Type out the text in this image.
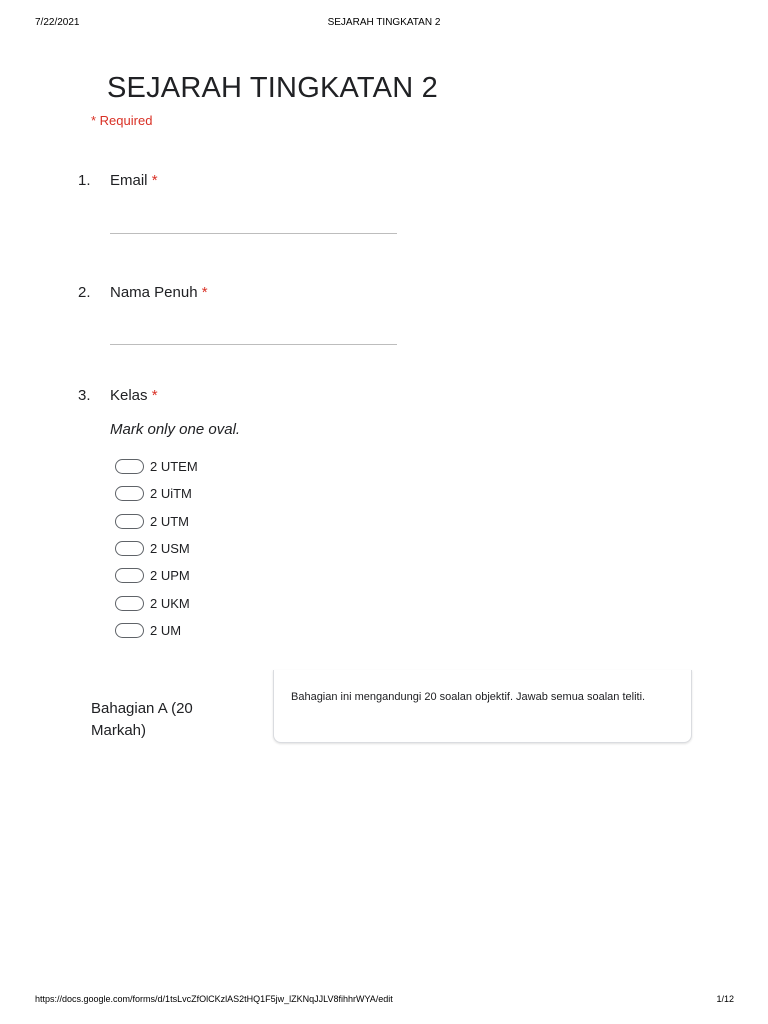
7/22/2021	SEJARAH TINGKATAN 2
SEJARAH TINGKATAN 2
* Required
1. Email *
2. Nama Penuh *
3. Kelas *
Mark only one oval.
2 UTEM
2 UiTM
2 UTM
2 USM
2 UPM
2 UKM
2 UM
Bahagian A (20 Markah)
Bahagian ini mengandungi 20 soalan objektif. Jawab semua soalan teliti.
https://docs.google.com/forms/d/1tsLvcZfOlCKzlAS2tHQ1F5jw_lZKNqJJLV8fihhrWYA/edit	1/12
